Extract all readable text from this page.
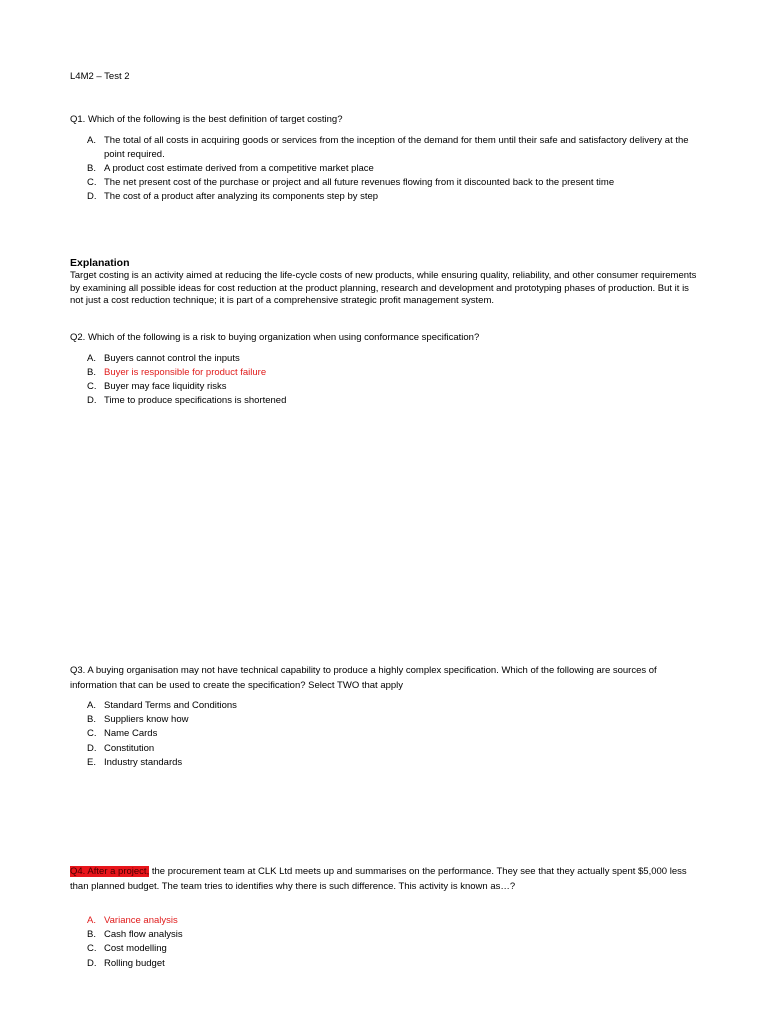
L4M2 – Test 2

Q1. Which of the following is the best definition of target costing?

A. The total of all costs in acquiring goods or services from the inception of the demand for them until their safe and satisfactory delivery at the point required.
B. A product cost estimate derived from a competitive market place
C. The net present cost of the purchase or project and all future revenues flowing from it discounted back to the present time
D. The cost of a product after analyzing its components step by step

Explanation

Target costing is an activity aimed at reducing the life-cycle costs of new products, while ensuring quality, reliability, and other consumer requirements by examining all possible ideas for cost reduction at the product planning, research and development and prototyping phases of production. But it is not just a cost reduction technique; it is part of a comprehensive strategic profit management system.

Q2. Which of the following is a risk to buying organization when using conformance specification?

A. Buyers cannot control the inputs
B. Buyer is responsible for product failure
C. Buyer may face liquidity risks
D. Time to produce specifications is shortened

Q3. A buying organisation may not have technical capability to produce a highly complex specification. Which of the following are sources of information that can be used to create the specification? Select TWO that apply

A. Standard Terms and Conditions
B. Suppliers know how
C. Name Cards
D. Constitution
E. Industry standards

Q4. After a project, the procurement team at CLK Ltd meets up and summarises on the performance. They see that they actually spent $5,000 less than planned budget. The team tries to identifies why there is such difference. This activity is known as…?

A. Variance analysis
B. Cash flow analysis
C. Cost modelling
D. Rolling budget
